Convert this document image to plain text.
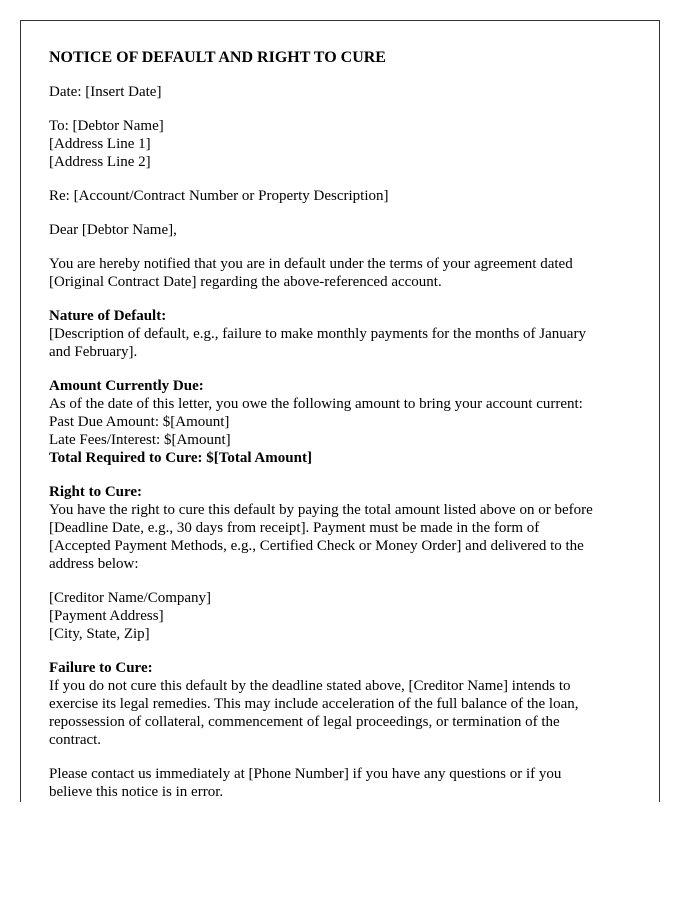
NOTICE OF DEFAULT AND RIGHT TO CURE
Date: [Insert Date]
To: [Debtor Name]
[Address Line 1]
[Address Line 2]
Re: [Account/Contract Number or Property Description]
Dear [Debtor Name],
You are hereby notified that you are in default under the terms of your agreement dated
[Original Contract Date] regarding the above-referenced account.
Nature of Default:
[Description of default, e.g., failure to make monthly payments for the months of January
and February].
Amount Currently Due:
As of the date of this letter, you owe the following amount to bring your account current:
Past Due Amount: $[Amount]
Late Fees/Interest: $[Amount]
Total Required to Cure: $[Total Amount]
Right to Cure:
You have the right to cure this default by paying the total amount listed above on or before
[Deadline Date, e.g., 30 days from receipt]. Payment must be made in the form of
[Accepted Payment Methods, e.g., Certified Check or Money Order] and delivered to the
address below:
[Creditor Name/Company]
[Payment Address]
[City, State, Zip]
Failure to Cure:
If you do not cure this default by the deadline stated above, [Creditor Name] intends to
exercise its legal remedies. This may include acceleration of the full balance of the loan,
repossession of collateral, commencement of legal proceedings, or termination of the
contract.
Please contact us immediately at [Phone Number] if you have any questions or if you
believe this notice is in error.
